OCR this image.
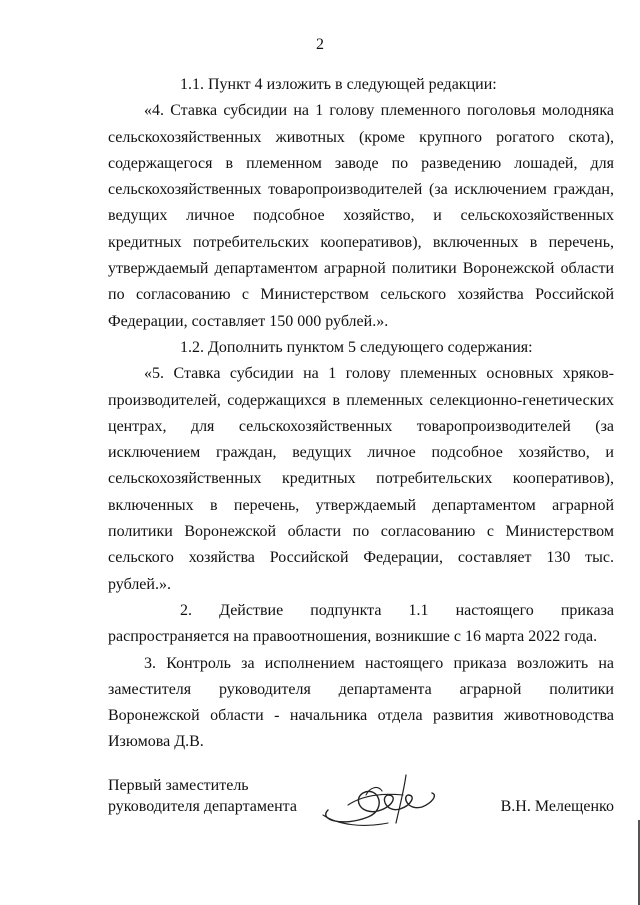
2

1.1. Пункт 4 изложить в следующей редакции:

«4. Ставка субсидии на 1 голову племенного поголовья молодняка сельскохозяйственных животных (кроме крупного рогатого скота), содержащегося в племенном заводе по разведению лошадей, для сельскохозяйственных товаропроизводителей (за исключением граждан, ведущих личное подсобное хозяйство, и сельскохозяйственных кредитных потребительских кооперативов), включенных в перечень, утверждаемый департаментом аграрной политики Воронежской области по согласованию с Министерством сельского хозяйства Российской Федерации, составляет 150 000 рублей.».

1.2. Дополнить пунктом 5 следующего содержания:

«5. Ставка субсидии на 1 голову племенных основных хряков-производителей, содержащихся в племенных селекционно-генетических центрах, для сельскохозяйственных товаропроизводителей (за исключением граждан, ведущих личное подсобное хозяйство, и сельскохозяйственных кредитных потребительских кооперативов), включенных в перечень, утверждаемый департаментом аграрной политики Воронежской области по согласованию с Министерством сельского хозяйства Российской Федерации, составляет 130 тыс. рублей.».

2. Действие подпункта 1.1 настоящего приказа распространяется на правоотношения, возникшие с 16 марта 2022 года.

3. Контроль за исполнением настоящего приказа возложить на заместителя руководителя департамента аграрной политики Воронежской области - начальника отдела развития животноводства Изюмова Д.В.

Первый заместитель
руководителя департамента	В.Н. Мелещенко
